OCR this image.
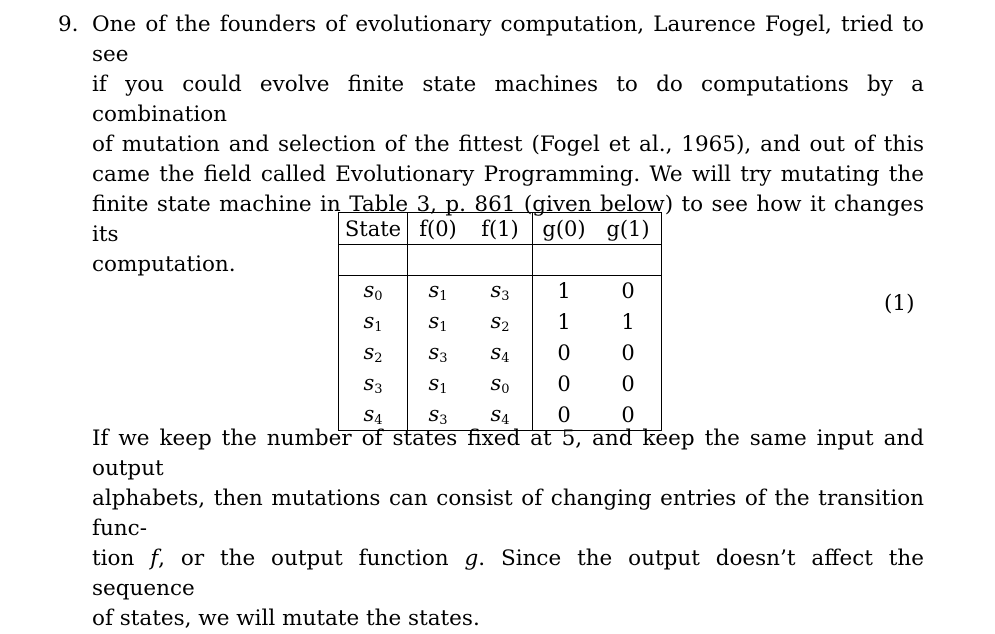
9. One of the founders of evolutionary computation, Laurence Fogel, tried to see
if you could evolve finite state machines to do computations by a combination
of mutation and selection of the fittest (Fogel et al., 1965), and out of this
came the field called Evolutionary Programming. We will try mutating the
finite state machine in Table 3, p. 861 (given below) to see how it changes its
computation.
State	f(0)	f(1)	g(0)	g(1)

$s_0$	$s_1$	$s_3$	1	0
$s_1$	$s_1$	$s_2$	1	1
$s_2$	$s_3$	$s_4$	0	0
$s_3$	$s_1$	$s_0$	0	0
$s_4$	$s_3$	$s_4$	0	0
(1)
If we keep the number of states fixed at 5, and keep the same input and output
alphabets, then mutations can consist of changing entries of the transition func-
tion f, or the output function g. Since the output doesn’t affect the sequence
of states, we will mutate the states.
